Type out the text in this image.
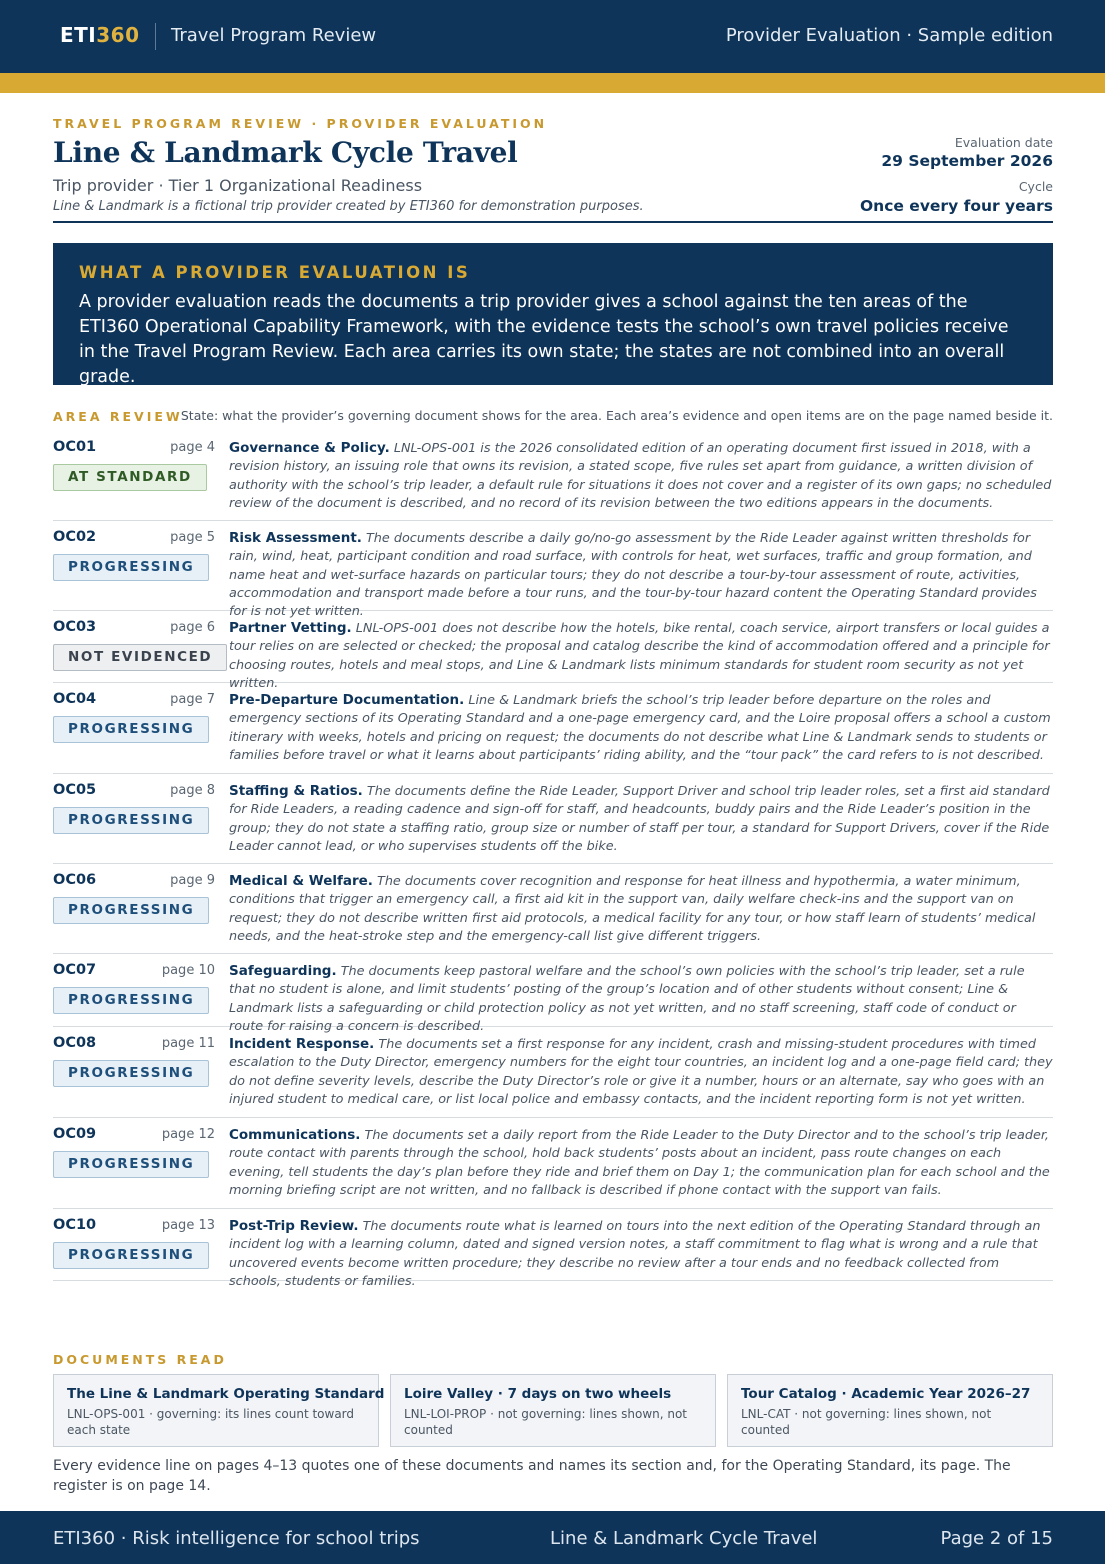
ETI360 Travel Program Review	Provider Evaluation · Sample edition
TRAVEL PROGRAM REVIEW · PROVIDER EVALUATION
Line & Landmark Cycle Travel
Trip provider · Tier 1 Organizational Readiness
Line & Landmark is a fictional trip provider created by ETI360 for demonstration purposes.
Evaluation date
29 September 2026
Cycle
Once every four years
WHAT A PROVIDER EVALUATION IS
A provider evaluation reads the documents a trip provider gives a school against the ten areas of the ETI360 Operational Capability Framework, with the evidence tests the school’s own travel policies receive in the Travel Program Review. Each area carries its own state; the states are not combined into an overall grade.
AREA REVIEW
State: what the provider’s governing document shows for the area. Each area’s evidence and open items are on the page named beside it.
OC01	page 4
AT STANDARD
Governance & Policy. LNL-OPS-001 is the 2026 consolidated edition of an operating document first issued in 2018, with a revision history, an issuing role that owns its revision, a stated scope, five rules set apart from guidance, a written division of authority with the school’s trip leader, a default rule for situations it does not cover and a register of its own gaps; no scheduled review of the document is described, and no record of its revision between the two editions appears in the documents.
OC02	page 5
PROGRESSING
Risk Assessment. The documents describe a daily go/no-go assessment by the Ride Leader against written thresholds for rain, wind, heat, participant condition and road surface, with controls for heat, wet surfaces, traffic and group formation, and name heat and wet-surface hazards on particular tours; they do not describe a tour-by-tour assessment of route, activities, accommodation and transport made before a tour runs, and the tour-by-tour hazard content the Operating Standard provides for is not yet written.
OC03	page 6
NOT EVIDENCED
Partner Vetting. LNL-OPS-001 does not describe how the hotels, bike rental, coach service, airport transfers or local guides a tour relies on are selected or checked; the proposal and catalog describe the kind of accommodation offered and a principle for choosing routes, hotels and meal stops, and Line & Landmark lists minimum standards for student room security as not yet written.
OC04	page 7
PROGRESSING
Pre-Departure Documentation. Line & Landmark briefs the school’s trip leader before departure on the roles and emergency sections of its Operating Standard and a one-page emergency card, and the Loire proposal offers a school a custom itinerary with weeks, hotels and pricing on request; the documents do not describe what Line & Landmark sends to students or families before travel or what it learns about participants’ riding ability, and the “tour pack” the card refers to is not described.
OC05	page 8
PROGRESSING
Staffing & Ratios. The documents define the Ride Leader, Support Driver and school trip leader roles, set a first aid standard for Ride Leaders, a reading cadence and sign-off for staff, and headcounts, buddy pairs and the Ride Leader’s position in the group; they do not state a staffing ratio, group size or number of staff per tour, a standard for Support Drivers, cover if the Ride Leader cannot lead, or who supervises students off the bike.
OC06	page 9
PROGRESSING
Medical & Welfare. The documents cover recognition and response for heat illness and hypothermia, a water minimum, conditions that trigger an emergency call, a first aid kit in the support van, daily welfare check-ins and the support van on request; they do not describe written first aid protocols, a medical facility for any tour, or how staff learn of students’ medical needs, and the heat-stroke step and the emergency-call list give different triggers.
OC07	page 10
PROGRESSING
Safeguarding. The documents keep pastoral welfare and the school’s own policies with the school’s trip leader, set a rule that no student is alone, and limit students’ posting of the group’s location and of other students without consent; Line & Landmark lists a safeguarding or child protection policy as not yet written, and no staff screening, staff code of conduct or route for raising a concern is described.
OC08	page 11
PROGRESSING
Incident Response. The documents set a first response for any incident, crash and missing-student procedures with timed escalation to the Duty Director, emergency numbers for the eight tour countries, an incident log and a one-page field card; they do not define severity levels, describe the Duty Director’s role or give it a number, hours or an alternate, say who goes with an injured student to medical care, or list local police and embassy contacts, and the incident reporting form is not yet written.
OC09	page 12
PROGRESSING
Communications. The documents set a daily report from the Ride Leader to the Duty Director and to the school’s trip leader, route contact with parents through the school, hold back students’ posts about an incident, pass route changes on each evening, tell students the day’s plan before they ride and brief them on Day 1; the communication plan for each school and the morning briefing script are not written, and no fallback is described if phone contact with the support van fails.
OC10	page 13
PROGRESSING
Post-Trip Review. The documents route what is learned on tours into the next edition of the Operating Standard through an incident log with a learning column, dated and signed version notes, a staff commitment to flag what is wrong and a rule that uncovered events become written procedure; they describe no review after a tour ends and no feedback collected from schools, students or families.
DOCUMENTS READ
The Line & Landmark Operating Standard
LNL-OPS-001 · governing: its lines count toward each state
Loire Valley · 7 days on two wheels
LNL-LOI-PROP · not governing: lines shown, not counted
Tour Catalog · Academic Year 2026–27
LNL-CAT · not governing: lines shown, not counted
Every evidence line on pages 4–13 quotes one of these documents and names its section and, for the Operating Standard, its page. The register is on page 14.
ETI360 · Risk intelligence for school trips	Line & Landmark Cycle Travel	Page 2 of 15
